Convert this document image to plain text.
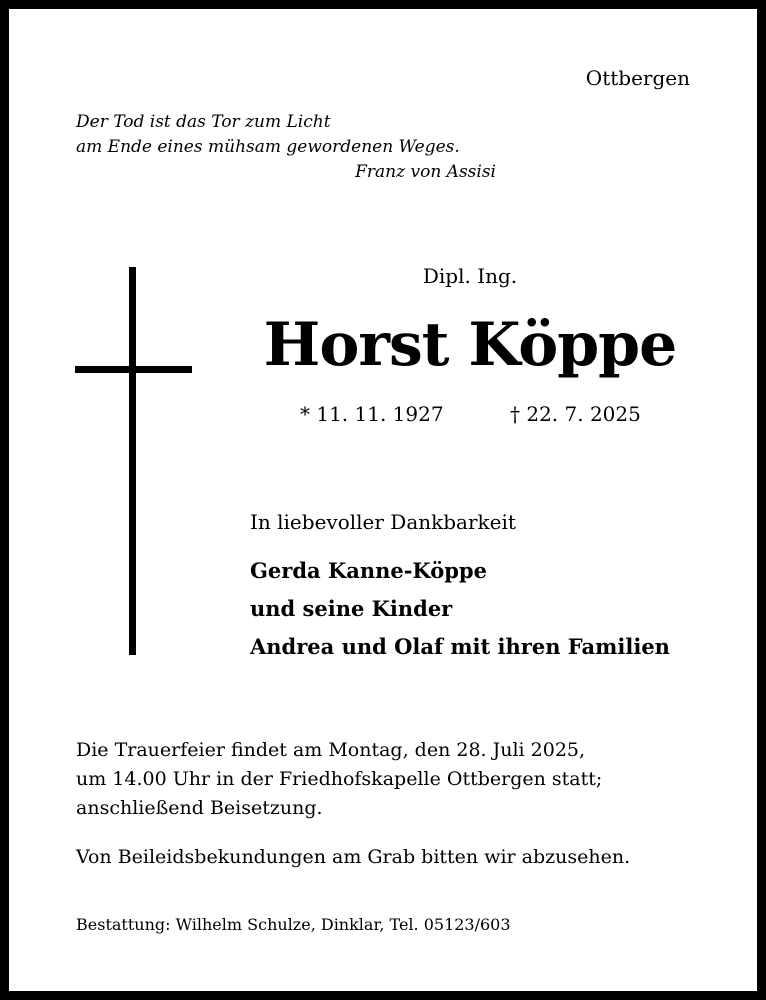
Ottbergen
Der Tod ist das Tor zum Licht
am Ende eines mühsam gewordenen Weges.
Franz von Assisi
Dipl. Ing.
Horst Köppe
* 11. 11. 1927	† 22. 7. 2025
In liebevoller Dankbarkeit
Gerda Kanne-Köppe
und seine Kinder
Andrea und Olaf mit ihren Familien
Die Trauerfeier findet am Montag, den 28. Juli 2025,
um 14.00 Uhr in der Friedhofskapelle Ottbergen statt;
anschließend Beisetzung.
Von Beileidsbekundungen am Grab bitten wir abzusehen.
Bestattung: Wilhelm Schulze, Dinklar, Tel. 05123/603
